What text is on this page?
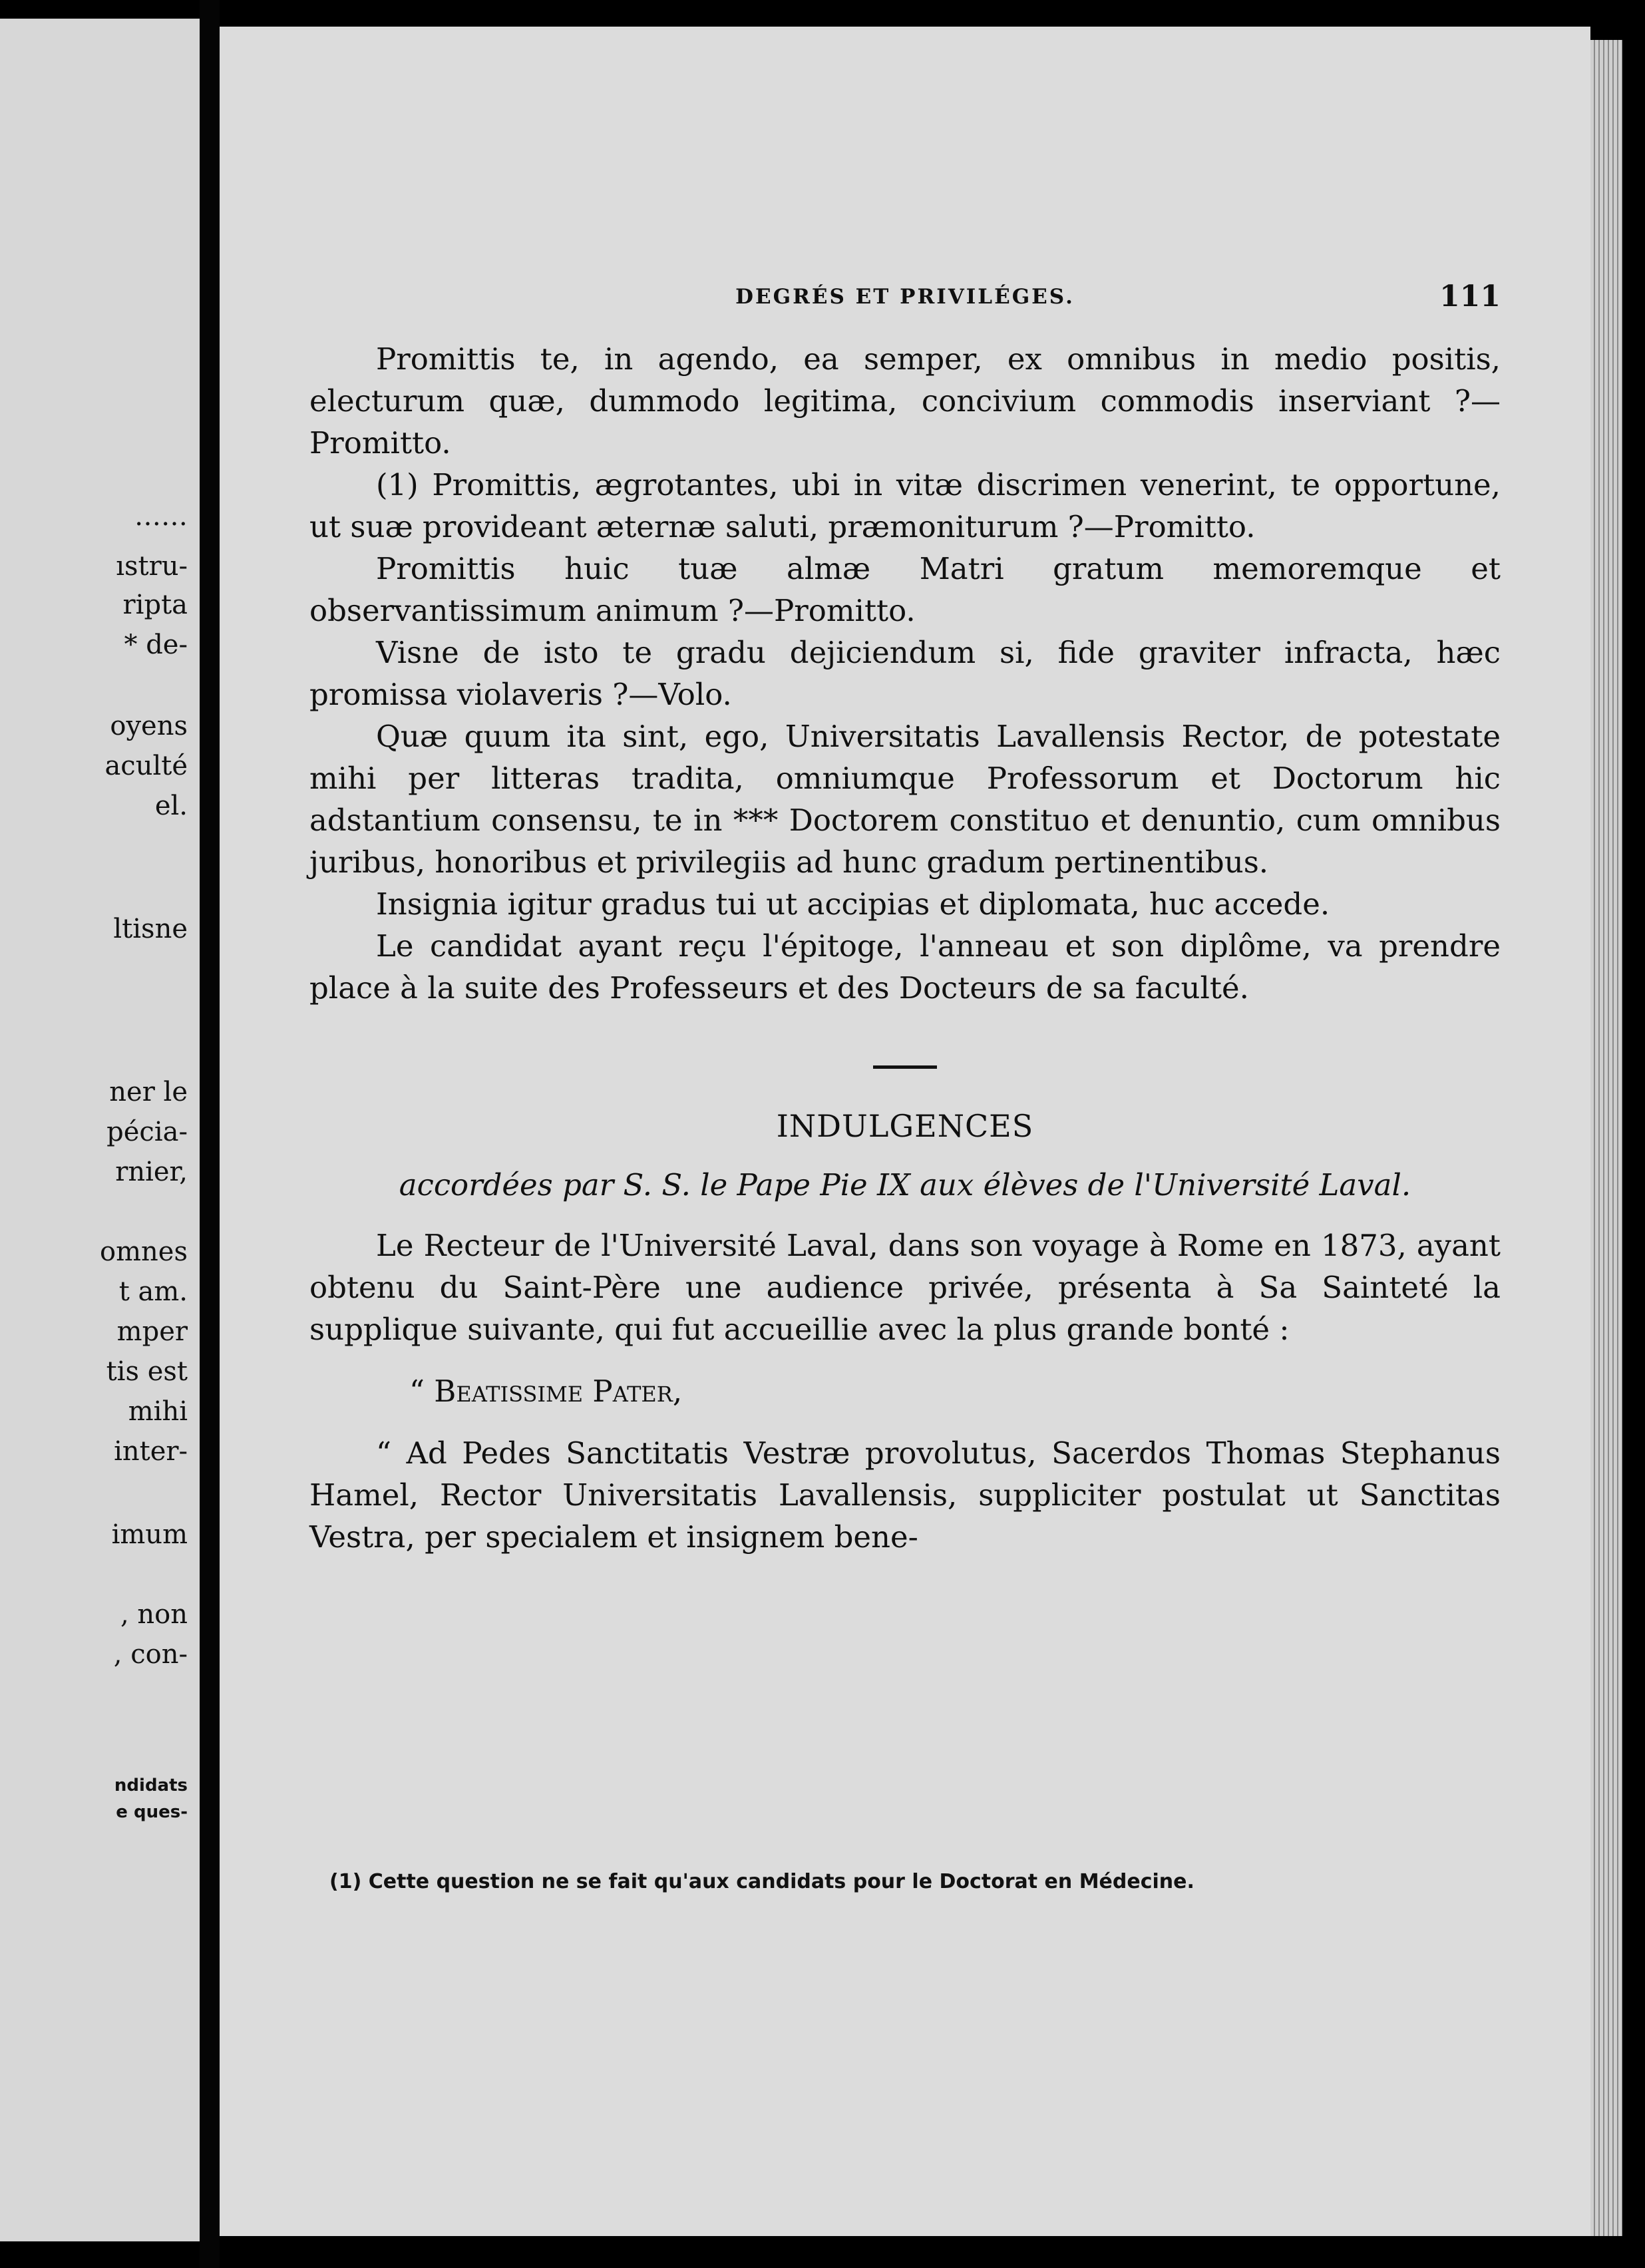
……
ıstru-
ripta
* de-
oyens
aculté
el.
ltisne
ner le
pécia-
rnier,
omnes
t am.
mper
tis est
mihi
inter-
imum
, non
, con-
ndidats
e ques-
DEGRÉS ET PRIVILÉGES.	111

Promittis te, in agendo, ea semper, ex omnibus in medio positis, electurum quæ, dummodo legitima, concivium commodis inserviant ?—Promitto.

(1) Promittis, ægrotantes, ubi in vitæ discrimen venerint, te opportune, ut suæ provideant æternæ saluti, præmoniturum ?—Promitto.

Promittis huic tuæ almæ Matri gratum memoremque et observantissimum animum ?—Promitto.

Visne de isto te gradu dejiciendum si, fide graviter infracta, hæc promissa violaveris ?—Volo.

Quæ quum ita sint, ego, Universitatis Lavallensis Rector, de potestate mihi per litteras tradita, omniumque Professorum et Doctorum hic adstantium consensu, te in *** Doctorem constituo et denuntio, cum omnibus juribus, honoribus et privilegiis ad hunc gradum pertinentibus.

Insignia igitur gradus tui ut accipias et diplomata, huc accede.

Le candidat ayant reçu l'épitoge, l'anneau et son diplôme, va prendre place à la suite des Professeurs et des Docteurs de sa faculté.

INDULGENCES
accordées par S. S. le Pape Pie IX aux élèves de l'Université Laval.

Le Recteur de l'Université Laval, dans son voyage à Rome en 1873, ayant obtenu du Saint-Père une audience privée, présenta à Sa Sainteté la supplique suivante, qui fut accueillie avec la plus grande bonté :

“ Beatissime Pater,

“ Ad Pedes Sanctitatis Vestræ provolutus, Sacerdos Thomas Stephanus Hamel, Rector Universitatis Lavallensis, suppliciter postulat ut Sanctitas Vestra, per specialem et insignem bene-

(1) Cette question ne se fait qu'aux candidats pour le Doctorat en Médecine.
